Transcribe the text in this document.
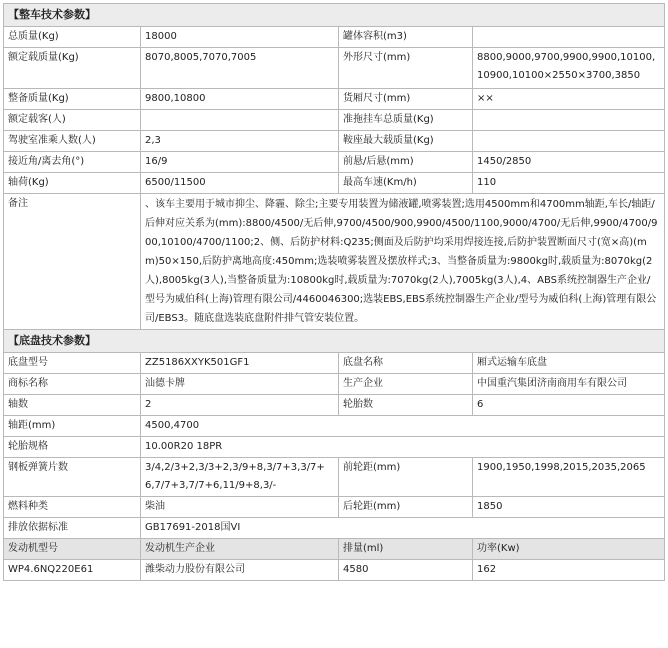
【整车技术参数】			
总质量(Kg)	18000	罐体容积(m3)	
额定载质量(Kg)	8070,8005,7070,7005	外形尺寸(mm)	8800,9000,9700,9900,9900,10100,10900,10100×2550×3700,3850
整备质量(Kg)	9800,10800	货厢尺寸(mm)	××
额定载客(人)		准拖挂车总质量(Kg)	
驾驶室准乘人数(人)	2,3	鞍座最大载质量(Kg)	
接近角/离去角(°)	16/9	前悬/后悬(mm)	1450/2850
轴荷(Kg)	6500/11500	最高车速(Km/h)	110
备注	、该车主要用于城市抑尘、降霾、除尘;主要专用装置为储液罐,喷雾装置;选用4500mm和4700mm轴距,车长/轴距/后伸对应关系为(mm):8800/4500/无后伸,9700/4500/900,9900/4500/1100,9000/4700/无后伸,9900/4700/900,10100/4700/1100;2、侧、后防护材料:Q235;侧面及后防护均采用焊接连接,后防护装置断面尺寸(宽×高)(mm)50×150,后防护离地高度:450mm;选装喷雾装置及摆放样式;3、当整备质量为:9800kg时,载质量为:8070kg(2人),8005kg(3人),当整备质量为:10800kg时,载质量为:7070kg(2人),7005kg(3人),4、ABS系统控制器生产企业/型号为威伯科(上海)管理有限公司/4460046300;选装EBS,EBS系统控制器生产企业/型号为威伯科(上海)管理有限公司/EBS3。随底盘选装底盘附件排气管安装位置。		
【底盘技术参数】			
底盘型号	ZZ5186XXYK501GF1	底盘名称	厢式运输车底盘
商标名称	汕德卡牌	生产企业	中国重汽集团济南商用车有限公司
轴数	2	轮胎数	6
轴距(mm)	4500,4700		
轮胎规格	10.00R20 18PR		
钢板弹簧片数	3/4,2/3+2,3/3+2,3/9+8,3/7+3,3/7+6,7/7+3,7/7+6,11/9+8,3/-	前轮距(mm)	1900,1950,1998,2015,2035,2065
燃料种类	柴油	后轮距(mm)	1850
排放依据标准	GB17691-2018国VI		
发动机型号	发动机生产企业	排量(ml)	功率(Kw)
WP4.6NQ220E61	潍柴动力股份有限公司	4580	162
